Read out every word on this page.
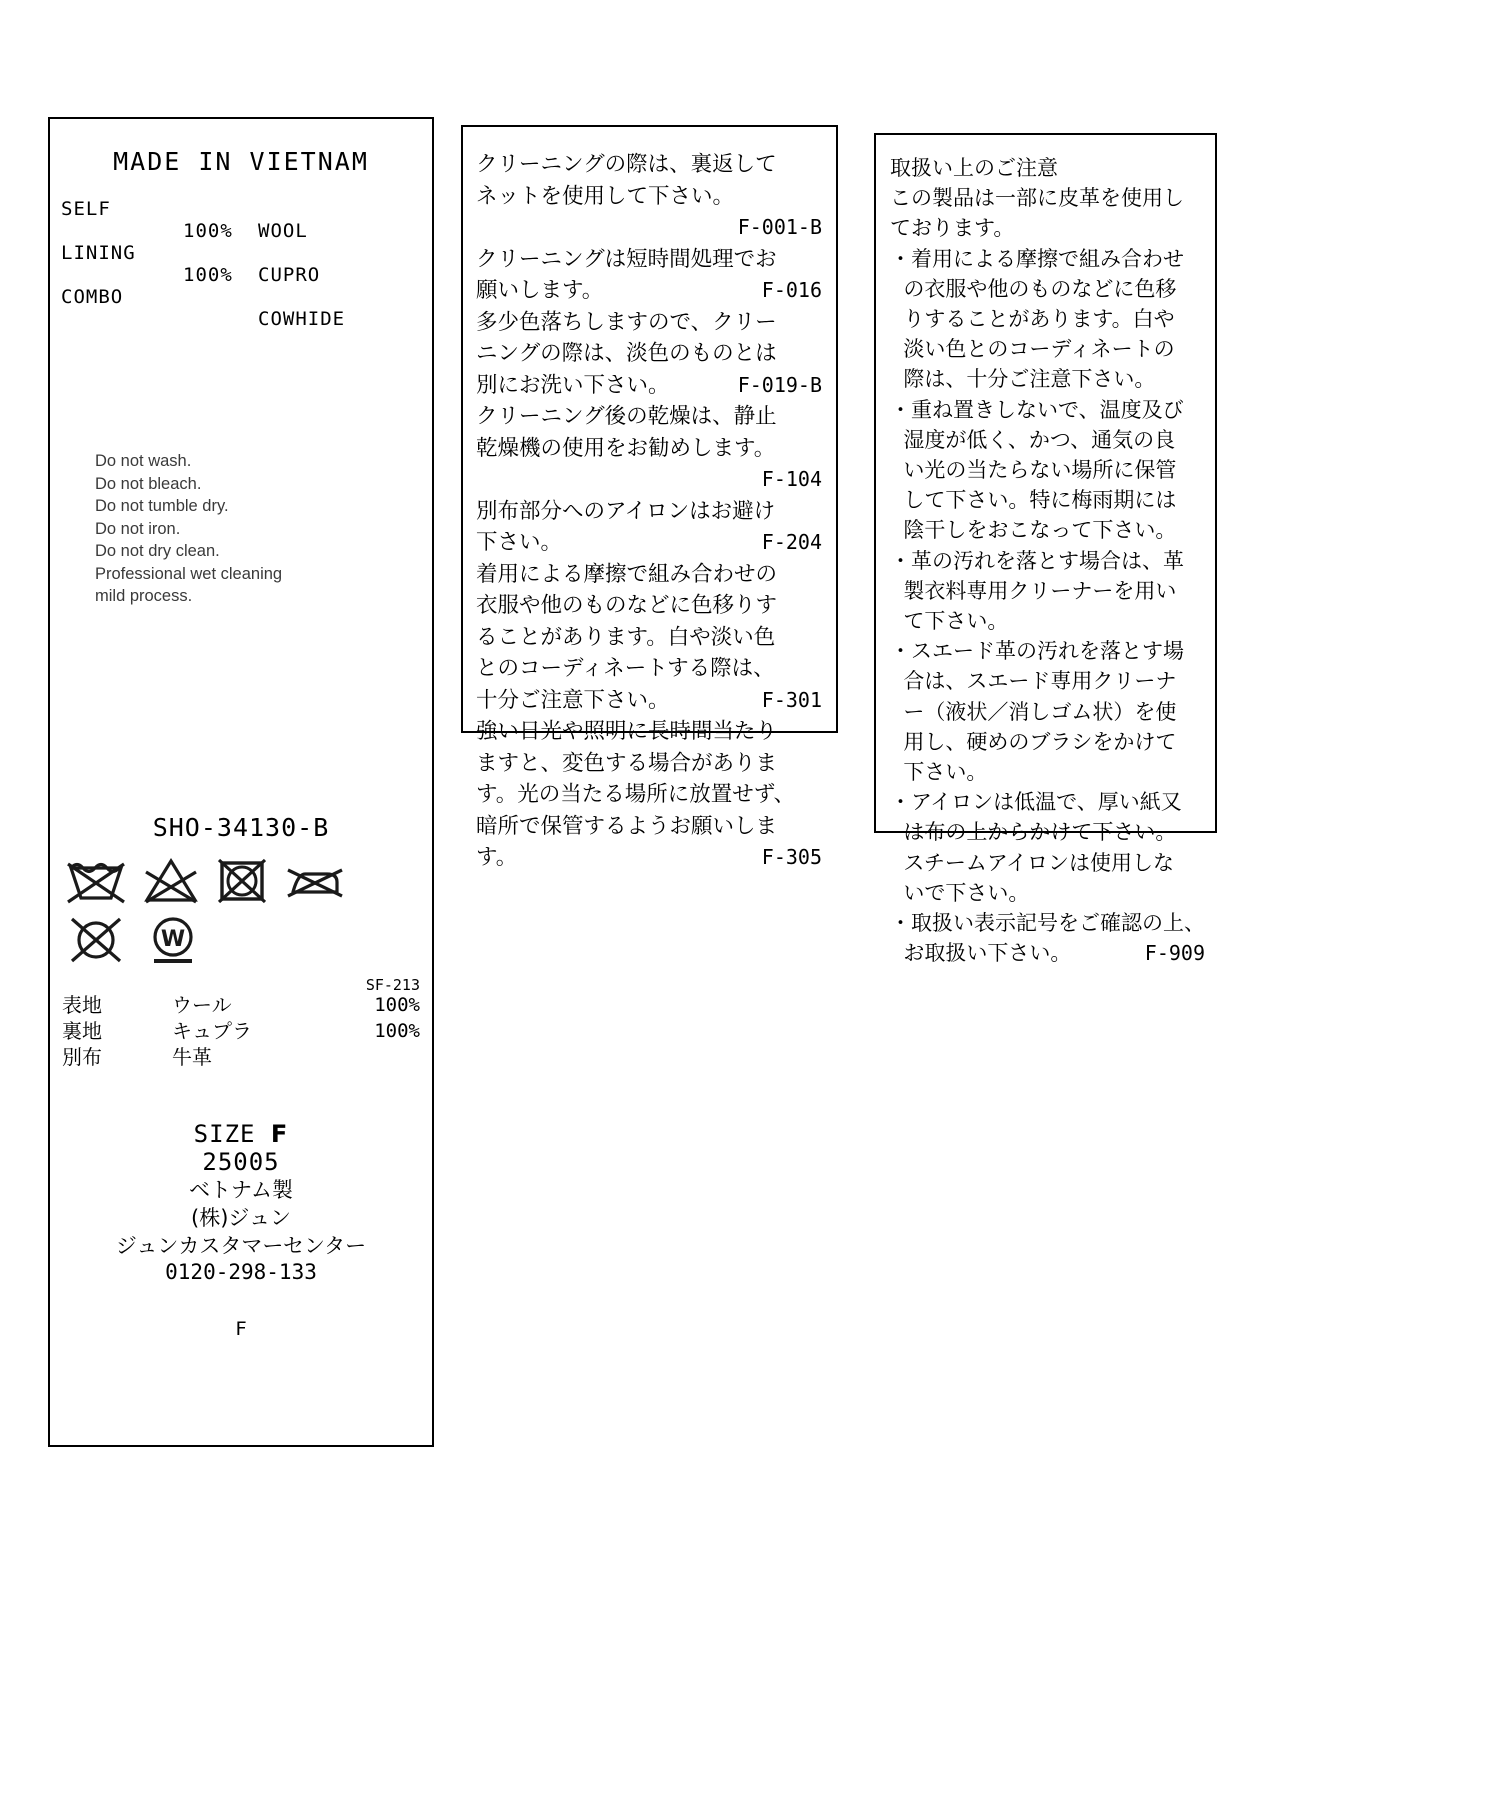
MADE IN VIETNAM
SELF
100% WOOL
LINING
100% CUPRO
COMBO
COWHIDE
Do not wash.
Do not bleach.
Do not tumble dry.
Do not iron.
Do not dry clean.
Professional wet cleaning
mild process.
SHO-34130-B
W
SF-213
表地	ウール	100%
裏地	キュプラ	100%
別布	牛革
SIZE F
25005
ベトナム製
(株)ジュン
ジュンカスタマーセンター
0120-298-133
F
クリーニングの際は、裏返して
ネットを使用して下さい。

F-001-B
クリーニングは短時間処理でお
願いします。	F-016
多少色落ちしますので、クリー
ニングの際は、淡色のものとは
別にお洗い下さい。	F-019-B
クリーニング後の乾燥は、静止
乾燥機の使用をお勧めします。

F-104
別布部分へのアイロンはお避け
下さい。	F-204
着用による摩擦で組み合わせの
衣服や他のものなどに色移りす
ることがあります。白や淡い色
とのコーディネートする際は、
十分ご注意下さい。	F-301
強い日光や照明に長時間当たり
ますと、変色する場合がありま
す。光の当たる場所に放置せず、
暗所で保管するようお願いしま
す。	F-305
取扱い上のご注意
この製品は一部に皮革を使用し
ております。
・着用による摩擦で組み合わせ
の衣服や他のものなどに色移
りすることがあります。白や
淡い色とのコーディネートの
際は、十分ご注意下さい。
・重ね置きしないで、温度及び
湿度が低く、かつ、通気の良
い光の当たらない場所に保管
して下さい。特に梅雨期には
陰干しをおこなって下さい。
・革の汚れを落とす場合は、革
製衣料専用クリーナーを用い
て下さい。
・スエード革の汚れを落とす場
合は、スエード専用クリーナ
ー（液状／消しゴム状）を使
用し、硬めのブラシをかけて
下さい。
・アイロンは低温で、厚い紙又
は布の上からかけて下さい。
スチームアイロンは使用しな
いで下さい。
・取扱い表示記号をご確認の上、
お取扱い下さい。	F-909
